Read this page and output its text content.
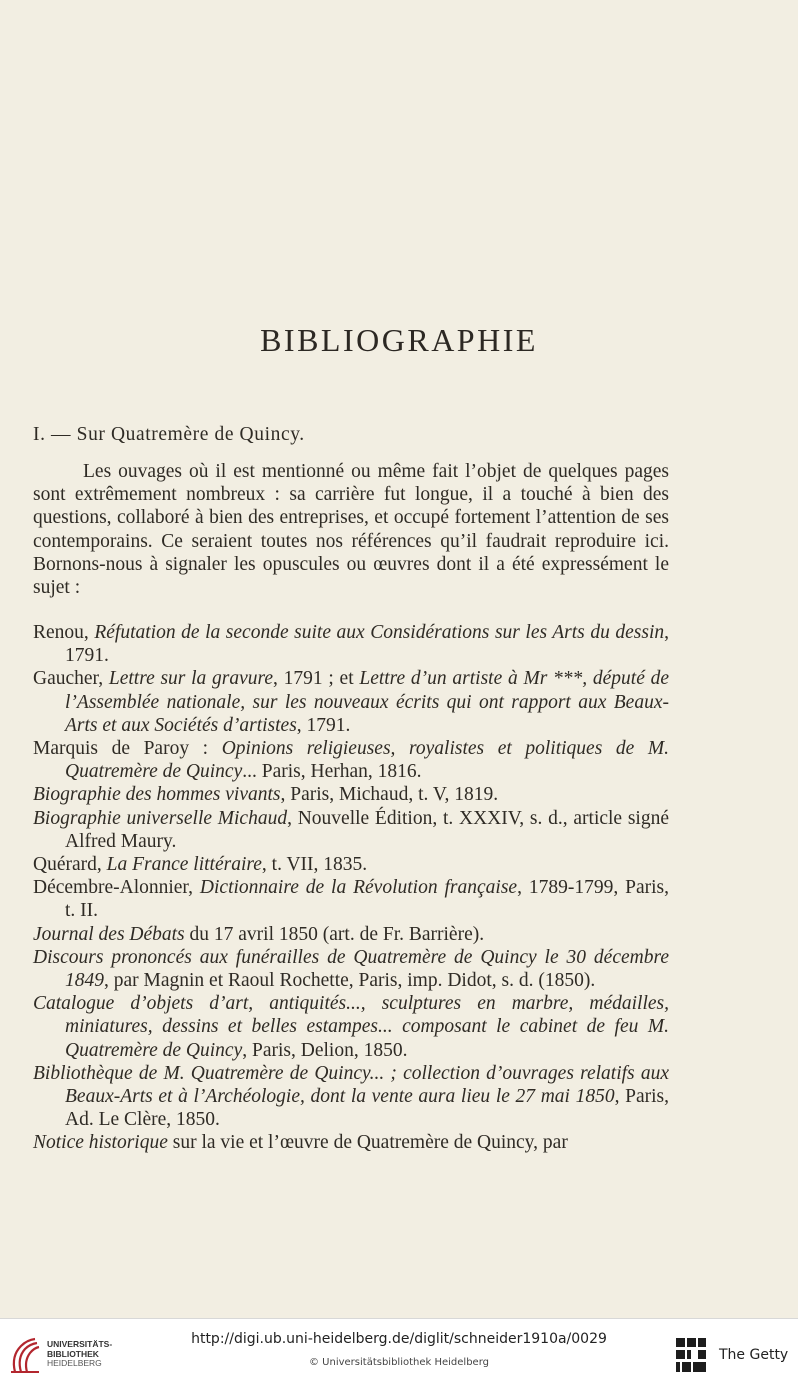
BIBLIOGRAPHIE
I. — Sur Quatremère de Quincy.

Les ouvages où il est mentionné ou même fait l’objet de quelques pages sont extrêmement nombreux : sa carrière fut longue, il a touché à bien des questions, collaboré à bien des entreprises, et occupé fortement l’attention de ses contemporains. Ce seraient toutes nos références qu’il faudrait reproduire ici. Bornons-nous à signaler les opuscules ou œuvres dont il a été expressément le sujet :

Renou, Réfutation de la seconde suite aux Considérations sur les Arts du dessin, 1791.

Gaucher, Lettre sur la gravure, 1791 ; et Lettre d’un artiste à Mr ***, député de l’Assemblée nationale, sur les nouveaux écrits qui ont rapport aux Beaux-Arts et aux Sociétés d’artistes, 1791.

Marquis de Paroy : Opinions religieuses, royalistes et politiques de M. Quatremère de Quincy... Paris, Herhan, 1816.

Biographie des hommes vivants, Paris, Michaud, t. V, 1819.

Biographie universelle Michaud, Nouvelle Édition, t. XXXIV, s. d., article signé Alfred Maury.

Quérard, La France littéraire, t. VII, 1835.

Décembre-Alonnier, Dictionnaire de la Révolution française, 1789-1799, Paris, t. II.

Journal des Débats du 17 avril 1850 (art. de Fr. Barrière).

Discours prononcés aux funérailles de Quatremère de Quincy le 30 décembre 1849, par Magnin et Raoul Rochette, Paris, imp. Didot, s. d. (1850).

Catalogue d’objets d’art, antiquités..., sculptures en marbre, médailles, miniatures, dessins et belles estampes... composant le cabinet de feu M. Quatremère de Quincy, Paris, Delion, 1850.

Bibliothèque de M. Quatremère de Quincy... ; collection d’ouvrages relatifs aux Beaux-Arts et à l’Archéologie, dont la vente aura lieu le 27 mai 1850, Paris, Ad. Le Clère, 1850.

Notice historique sur la vie et l’œuvre de Quatremère de Quincy, par

UNIVERSITÄTS-
BIBLIOTHEK
HEIDELBERG
http://digi.ub.uni-heidelberg.de/diglit/schneider1910a/0029
© Universitätsbibliothek Heidelberg	The Getty
